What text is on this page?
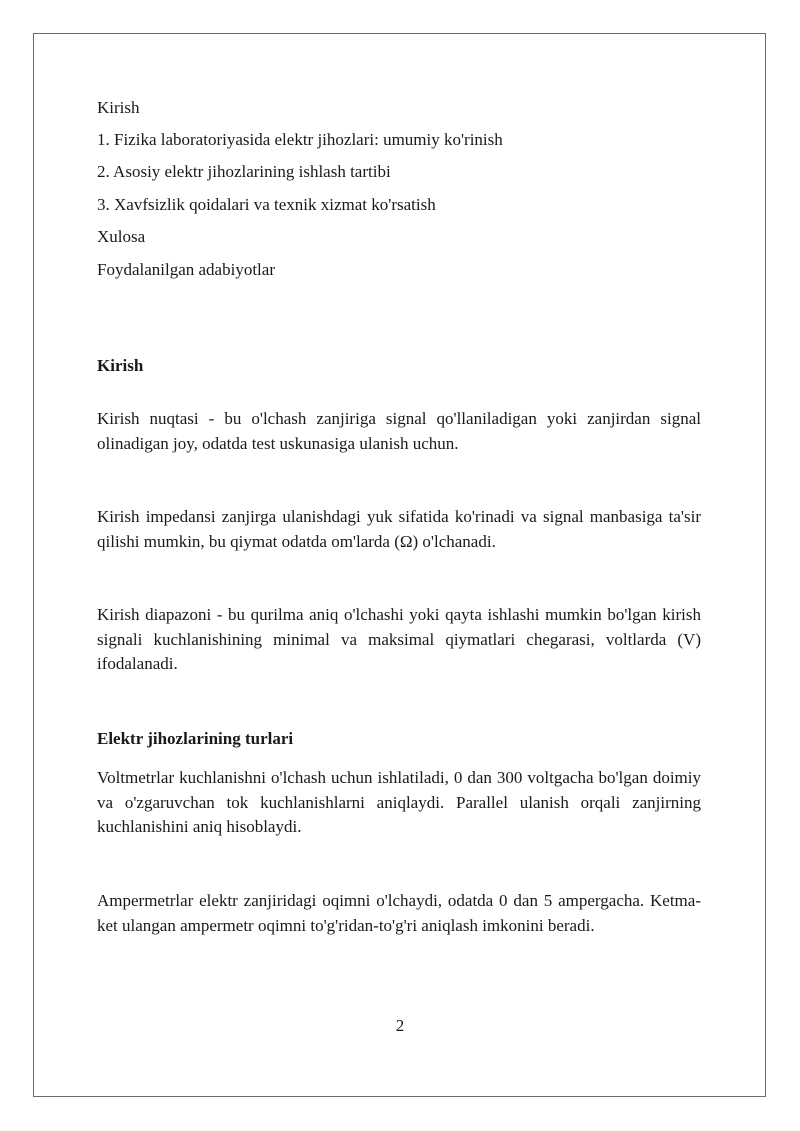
Kirish
1. Fizika laboratoriyasida elektr jihozlari: umumiy ko'rinish
2. Asosiy elektr jihozlarining ishlash tartibi
3. Xavfsizlik qoidalari va texnik xizmat ko'rsatish
Xulosa
Foydalanilgan adabiyotlar
Kirish
Kirish nuqtasi - bu o'lchash zanjiriga signal qo'llaniladigan yoki zanjirdan signal olinadigan joy, odatda test uskunasiga ulanish uchun.
Kirish impedansi zanjirga ulanishdagi yuk sifatida ko'rinadi va signal manbasiga ta'sir qilishi mumkin, bu qiymat odatda om'larda (Ω) o'lchanadi.
Kirish diapazoni - bu qurilma aniq o'lchashi yoki qayta ishlashi mumkin bo'lgan kirish signali kuchlanishining minimal va maksimal qiymatlari chegarasi, voltlarda (V) ifodalanadi.
Elektr jihozlarining turlari
Voltmetrlar kuchlanishni o'lchash uchun ishlatiladi, 0 dan 300 voltgacha bo'lgan doimiy va o'zgaruvchan tok kuchlanishlarni aniqlaydi. Parallel ulanish orqali zanjirning kuchlanishini aniq hisoblaydi.
Ampermetrlar elektr zanjiridagi oqimni o'lchaydi, odatda 0 dan 5 ampergacha. Ketma-ket ulangan ampermetr oqimni to'g'ridan-to'g'ri aniqlash imkonini beradi.
2
